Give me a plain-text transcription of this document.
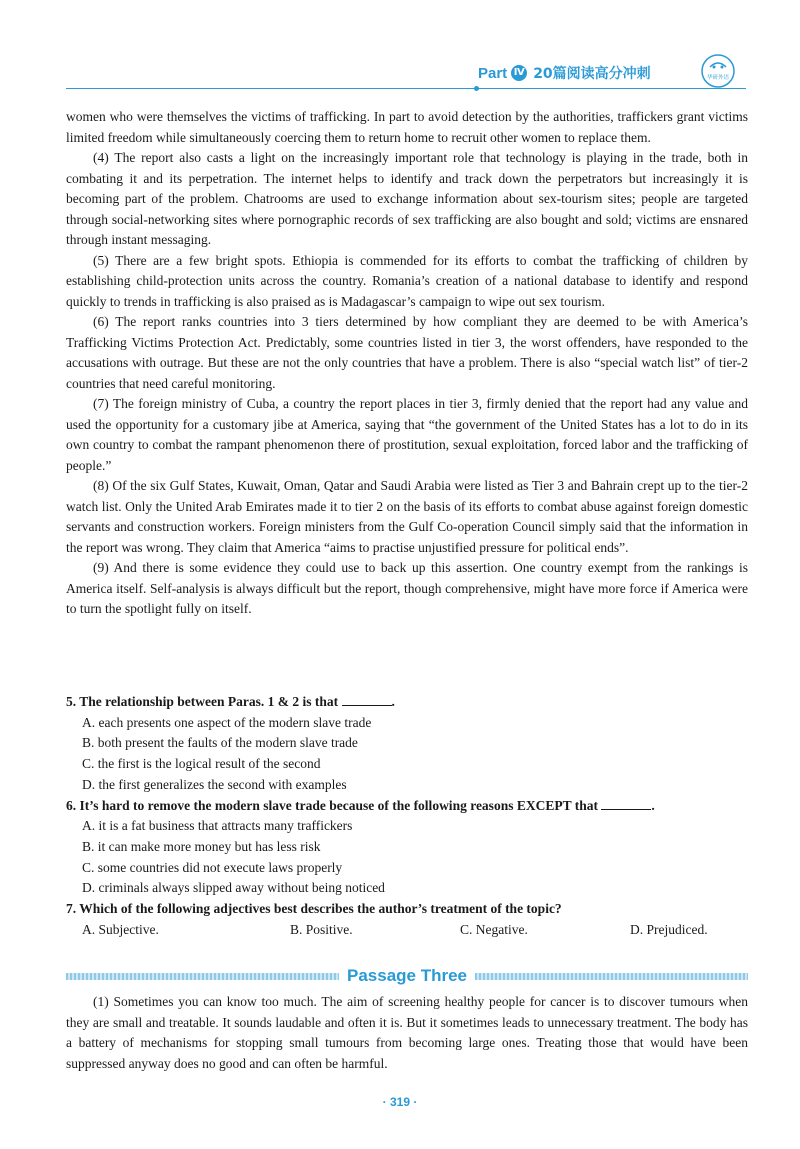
Part Ⅳ 20篇阅读高分冲刺	华研外语

women who were themselves the victims of trafficking. In part to avoid detection by the authorities, traffickers grant victims limited freedom while simultaneously coercing them to return home to recruit other women to replace them.

(4) The report also casts a light on the increasingly important role that technology is playing in the trade, both in combating it and its perpetration. The internet helps to identify and track down the perpetrators but increasingly it is becoming part of the problem. Chatrooms are used to exchange information about sex-tourism sites; people are targeted through social-networking sites where pornographic records of sex trafficking are also bought and sold; victims are ensnared through instant messaging.

(5) There are a few bright spots. Ethiopia is commended for its efforts to combat the trafficking of children by establishing child-protection units across the country. Romania’s creation of a national database to identify and respond quickly to trends in trafficking is also praised as is Madagascar’s campaign to wipe out sex tourism.

(6) The report ranks countries into 3 tiers determined by how compliant they are deemed to be with America’s Trafficking Victims Protection Act. Predictably, some countries listed in tier 3, the worst offenders, have responded to the accusations with outrage. But these are not the only countries that have a problem. There is also “special watch list” of tier-2 countries that need careful monitoring.

(7) The foreign ministry of Cuba, a country the report places in tier 3, firmly denied that the report had any value and used the opportunity for a customary jibe at America, saying that “the government of the United States has a lot to do in its own country to combat the rampant phenomenon there of prostitution, sexual exploitation, forced labor and the trafficking of people.”

(8) Of the six Gulf States, Kuwait, Oman, Qatar and Saudi Arabia were listed as Tier 3 and Bahrain crept up to the tier-2 watch list. Only the United Arab Emirates made it to tier 2 on the basis of its efforts to combat abuse against foreign domestic servants and construction workers. Foreign ministers from the Gulf Co-operation Council simply said that the information in the report was wrong. They claim that America “aims to practise unjustified pressure for political ends”.

(9) And there is some evidence they could use to back up this assertion. One country exempt from the rankings is America itself. Self-analysis is always difficult but the report, though comprehensive, might have more force if America were to turn the spotlight fully on itself.

5. The relationship between Paras. 1 & 2 is that	.

A. each presents one aspect of the modern slave trade

B. both present the faults of the modern slave trade

C. the first is the logical result of the second

D. the first generalizes the second with examples

6. It’s hard to remove the modern slave trade because of the following reasons EXCEPT that	.

A. it is a fat business that attracts many traffickers

B. it can make more money but has less risk

C. some countries did not execute laws properly

D. criminals always slipped away without being noticed

7. Which of the following adjectives best describes the author’s treatment of the topic?

A. Subjective.	B. Positive.	C. Negative.	D. Prejudiced.
Passage Three

(1) Sometimes you can know too much. The aim of screening healthy people for cancer is to discover tumours when they are small and treatable. It sounds laudable and often it is. But it sometimes leads to unnecessary treatment. The body has a battery of mechanisms for stopping small tumours from becoming large ones. Treating those that would have been suppressed anyway does no good and can often be harmful.

· 319 ·
